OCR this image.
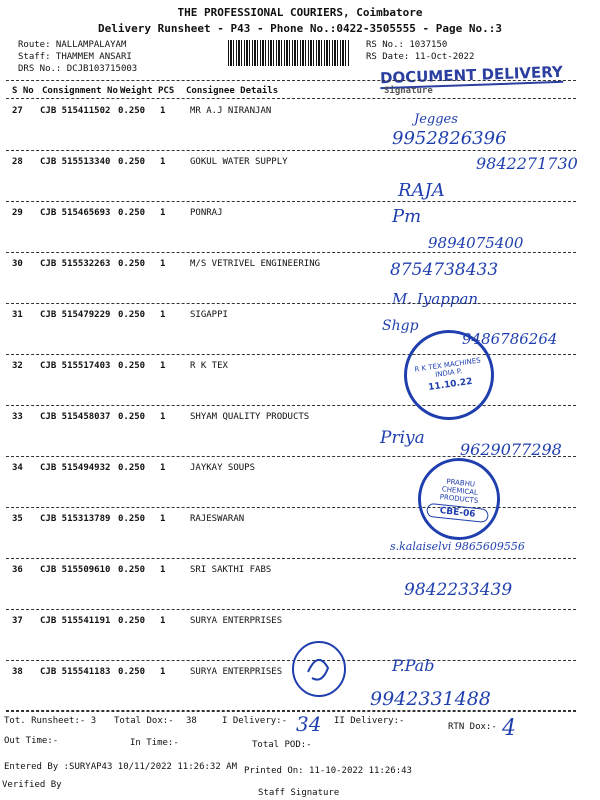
THE PROFESSIONAL COURIERS, Coimbatore
Delivery Runsheet - P43 - Phone No.:0422-3505555 - Page No.:3
Route: NALLAMPALAYAM
Staff: THAMMEM ANSARI
DRS No.: DCJB103715003
RS No.: 1037150
RS Date: 11-Oct-2022
DOCUMENT DELIVERY
S No Consignment No Weight PCS Consignee Details	Signature
27 CJB 515411502 0.250 1	MR A.J NIRANJAN
Jegges
9952826396
28 CJB 515513340 0.250 1	GOKUL WATER SUPPLY	9842271730
RAJA
29 CJB 515465693 0.250 1	PONRAJ	Pm
9894075400
30 CJB 515532263 0.250 1	M/S VETRIVEL ENGINEERING	8754738433
M. Iyappan
31 CJB 515479229 0.250 1	SIGAPPI
Shgp
9486786264
32 CJB 515517403 0.250 1	R K TEX
33 CJB 515458037 0.250 1	SHYAM QUALITY PRODUCTS
Priya
9629077298
34 CJB 515494932 0.250 1	JAYKAY SOUPS
35 CJB 515313789 0.250 1	RAJESWARAN
36 CJB 515509610 0.250 1	SRI SAKTHI FABS
s.kalaiselvi 9865609556
9842233439
37 CJB 515541191 0.250 1	SURYA ENTERPRISES
38 CJB 515541183 0.250 1	SURYA ENTERPRISES	P.Pab
9942331488
R K TEX MACHINES INDIA P.
11.10.22
PRABHU CHEMICAL PRODUCTS
CBE-06
Tot. Runsheet:- 3 Total Dox:- 38	I Delivery:- 34 II Delivery:-
RTN Dox:- 4
Out Time:-	In Time:-	Total POD:-
Entered By :SURYAP43 10/11/2022 11:26:32 AM Printed On: 11-10-2022 11:26:43
Verified By
Staff Signature
